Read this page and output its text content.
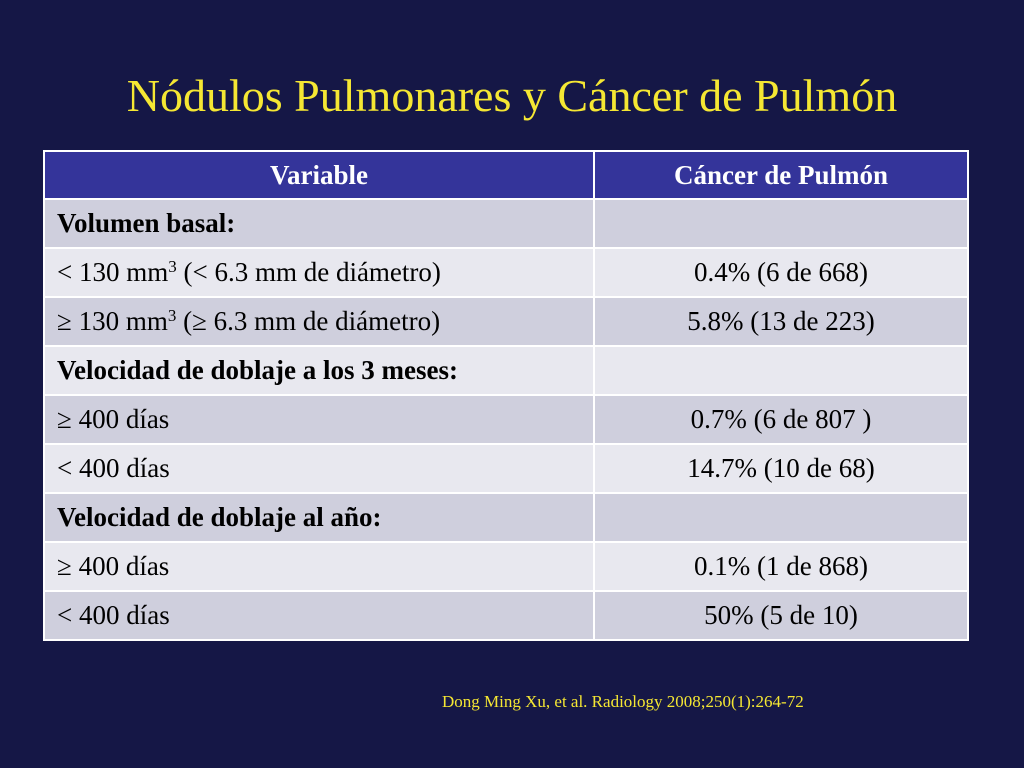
Nódulos Pulmonares y Cáncer de Pulmón
Variable	Cáncer de Pulmón
Volumen basal:	
< 130 $mm^3$ (< 6.3 mm de diámetro)	0.4% (6 de 668)
≥ 130 $mm^3$ (≥ 6.3 mm de diámetro)	5.8% (13 de 223)
Velocidad de doblaje a los 3 meses:	
≥ 400 días	0.7% (6 de 807 )
< 400 días	14.7% (10 de 68)
Velocidad de doblaje al año:	
≥ 400 días	0.1% (1 de 868)
< 400 días	50% (5 de 10)
Dong Ming Xu, et al. Radiology 2008;250(1):264-72
